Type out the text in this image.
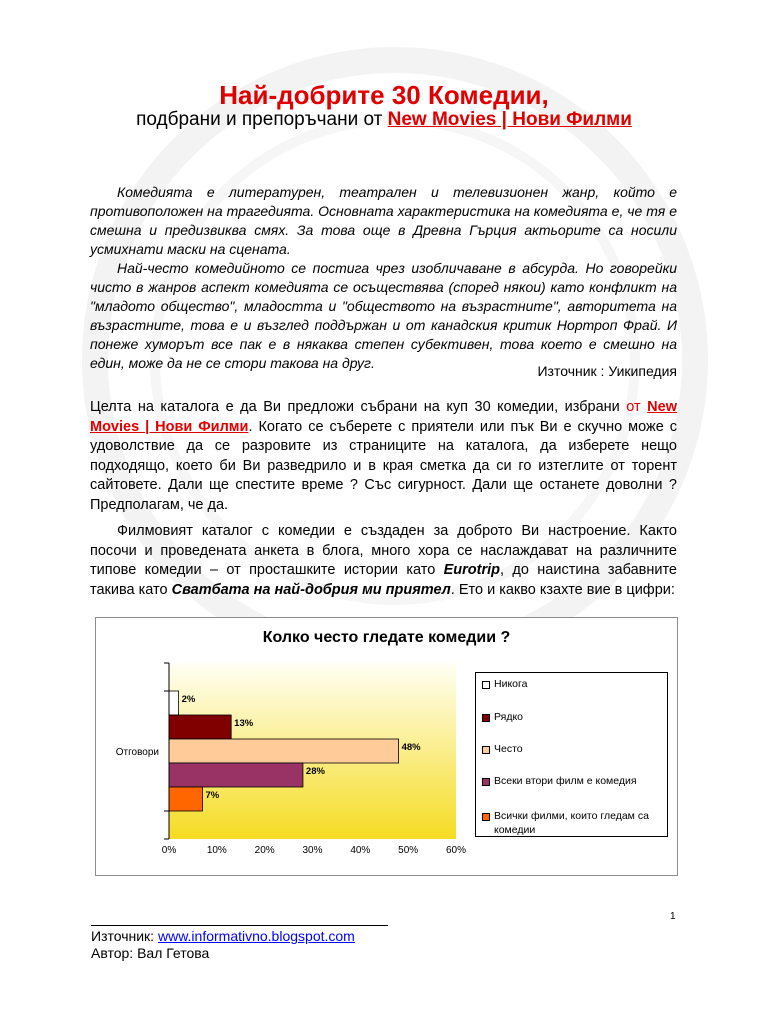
Най-добрите 30 Комедии,
подбрани и препоръчани от New Movies | Нови Филми

Комедията е литературен, театрален и телевизионен жанр, който е противоположен на трагедията. Основната характеристика на комедията е, че тя е смешна и предизвиква смях. За това още в Древна Гърция актьорите са носили усмихнати маски на сцената.

Най-често комедийното се постига чрез изобличаване в абсурда. Но говорейки чисто в жанров аспект комедията се осъществява (според някои) като конфликт на "младото общество", младостта и "обществото на възрастните", авторитета на възрастните, това е и възглед поддържан и от канадския критик Нортроп Фрай. И понеже хуморът все пак е в някаква степен субективен, това което е смешно на един, може да не се стори такова на друг.	Източник : Уикипедия

Целта на каталога е да Ви предложи събрани на куп 30 комедии, избрани от New Movies | Нови Филми. Когато се съберете с приятели или пък Ви е скучно може с удоволствие да се разровите из страниците на каталога, да изберете нещо подходящо, което би Ви разведрило и в края сметка да си го изтеглите от торент сайтовете. Дали ще спестите време ? Със сигурност. Дали ще останете доволни ? Предполагам, че да.

Филмовият каталог с комедии е създаден за доброто Ви настроение. Както посочи и проведената анкета в блога, много хора се наслаждават на различните типове комедии – от просташките истории като Eurotrip, до наистина забавните такива като Сватбата на най-добрия ми приятел. Ето и какво кзахте вие в цифри:

2%
13%
48%
28%
7%
Отговори
0%	10%	20%	30%	40%	50%	60%
Колко често гледате комедии ?
Никога
Рядко
Често
Всеки втори филм е комедия
Всички филми, които гледам са комедии
1
Източник: www.informativno.blogspot.com
Автор: Вал Гетова
